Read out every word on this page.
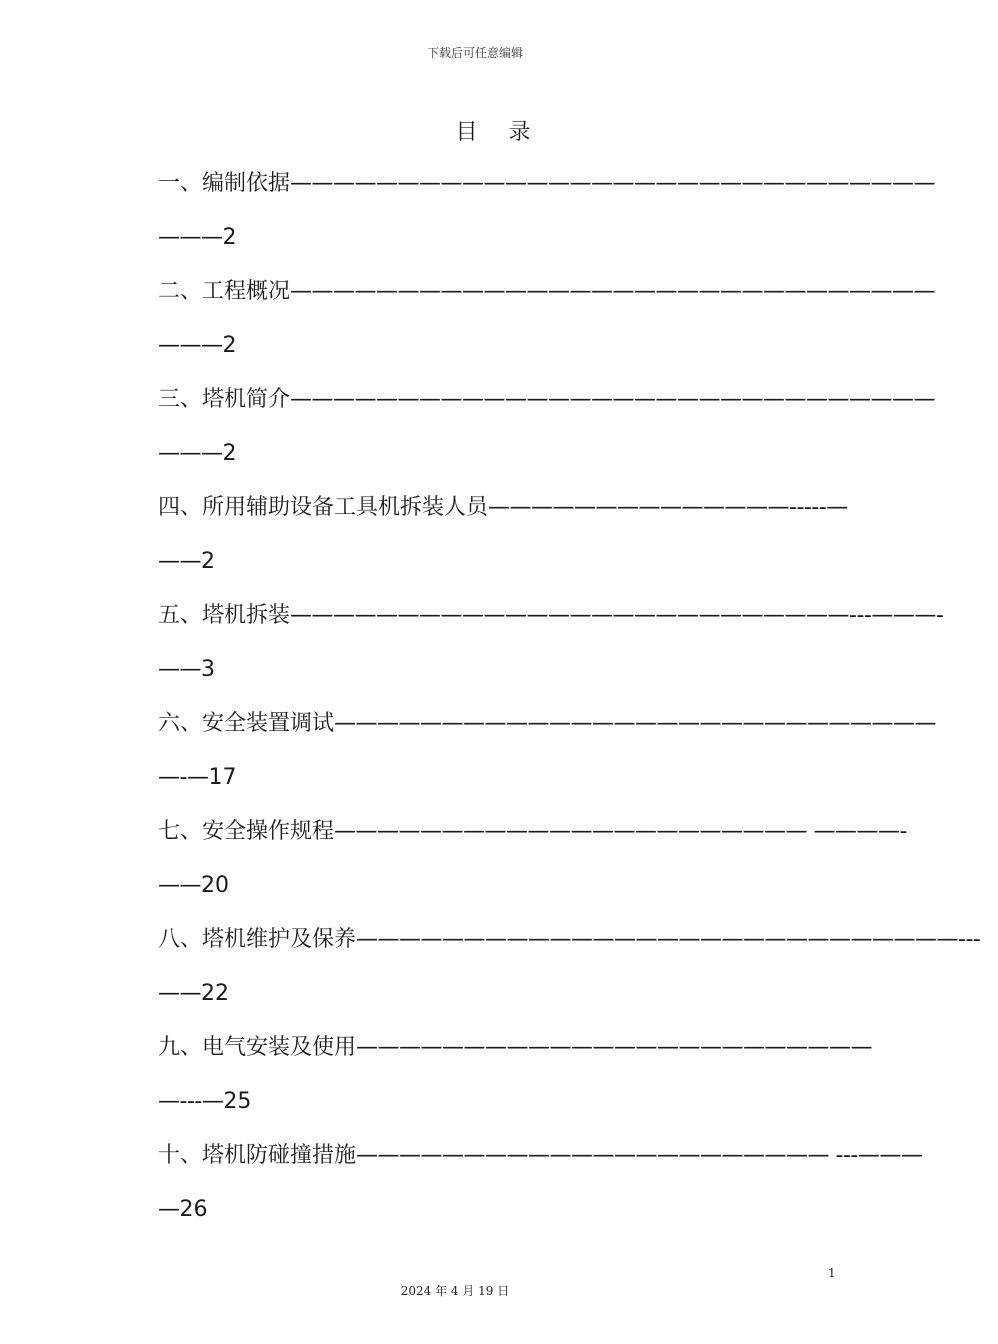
下载后可任意编辑
目 录
一、编制依据——————————————————————————————
———2
二、工程概况——————————————————————————————
———2
三、塔机简介——————————————————————————————
———2
四、所用辅助设备工具机拆装人员——————————————-----—
——2
五、塔机拆装——————————————————————————---———-
——3
六、安全装置调试————————————————————————————
—-—17
七、安全操作规程—————————————————————— ————-
——20
八、塔机维护及保养————————————————————————————---
——22
九、电气安装及使用————————————————————————
—---—25
十、塔机防碰撞措施—————————————————————— ---———
—26
1
2024 年 4 月 19 日
